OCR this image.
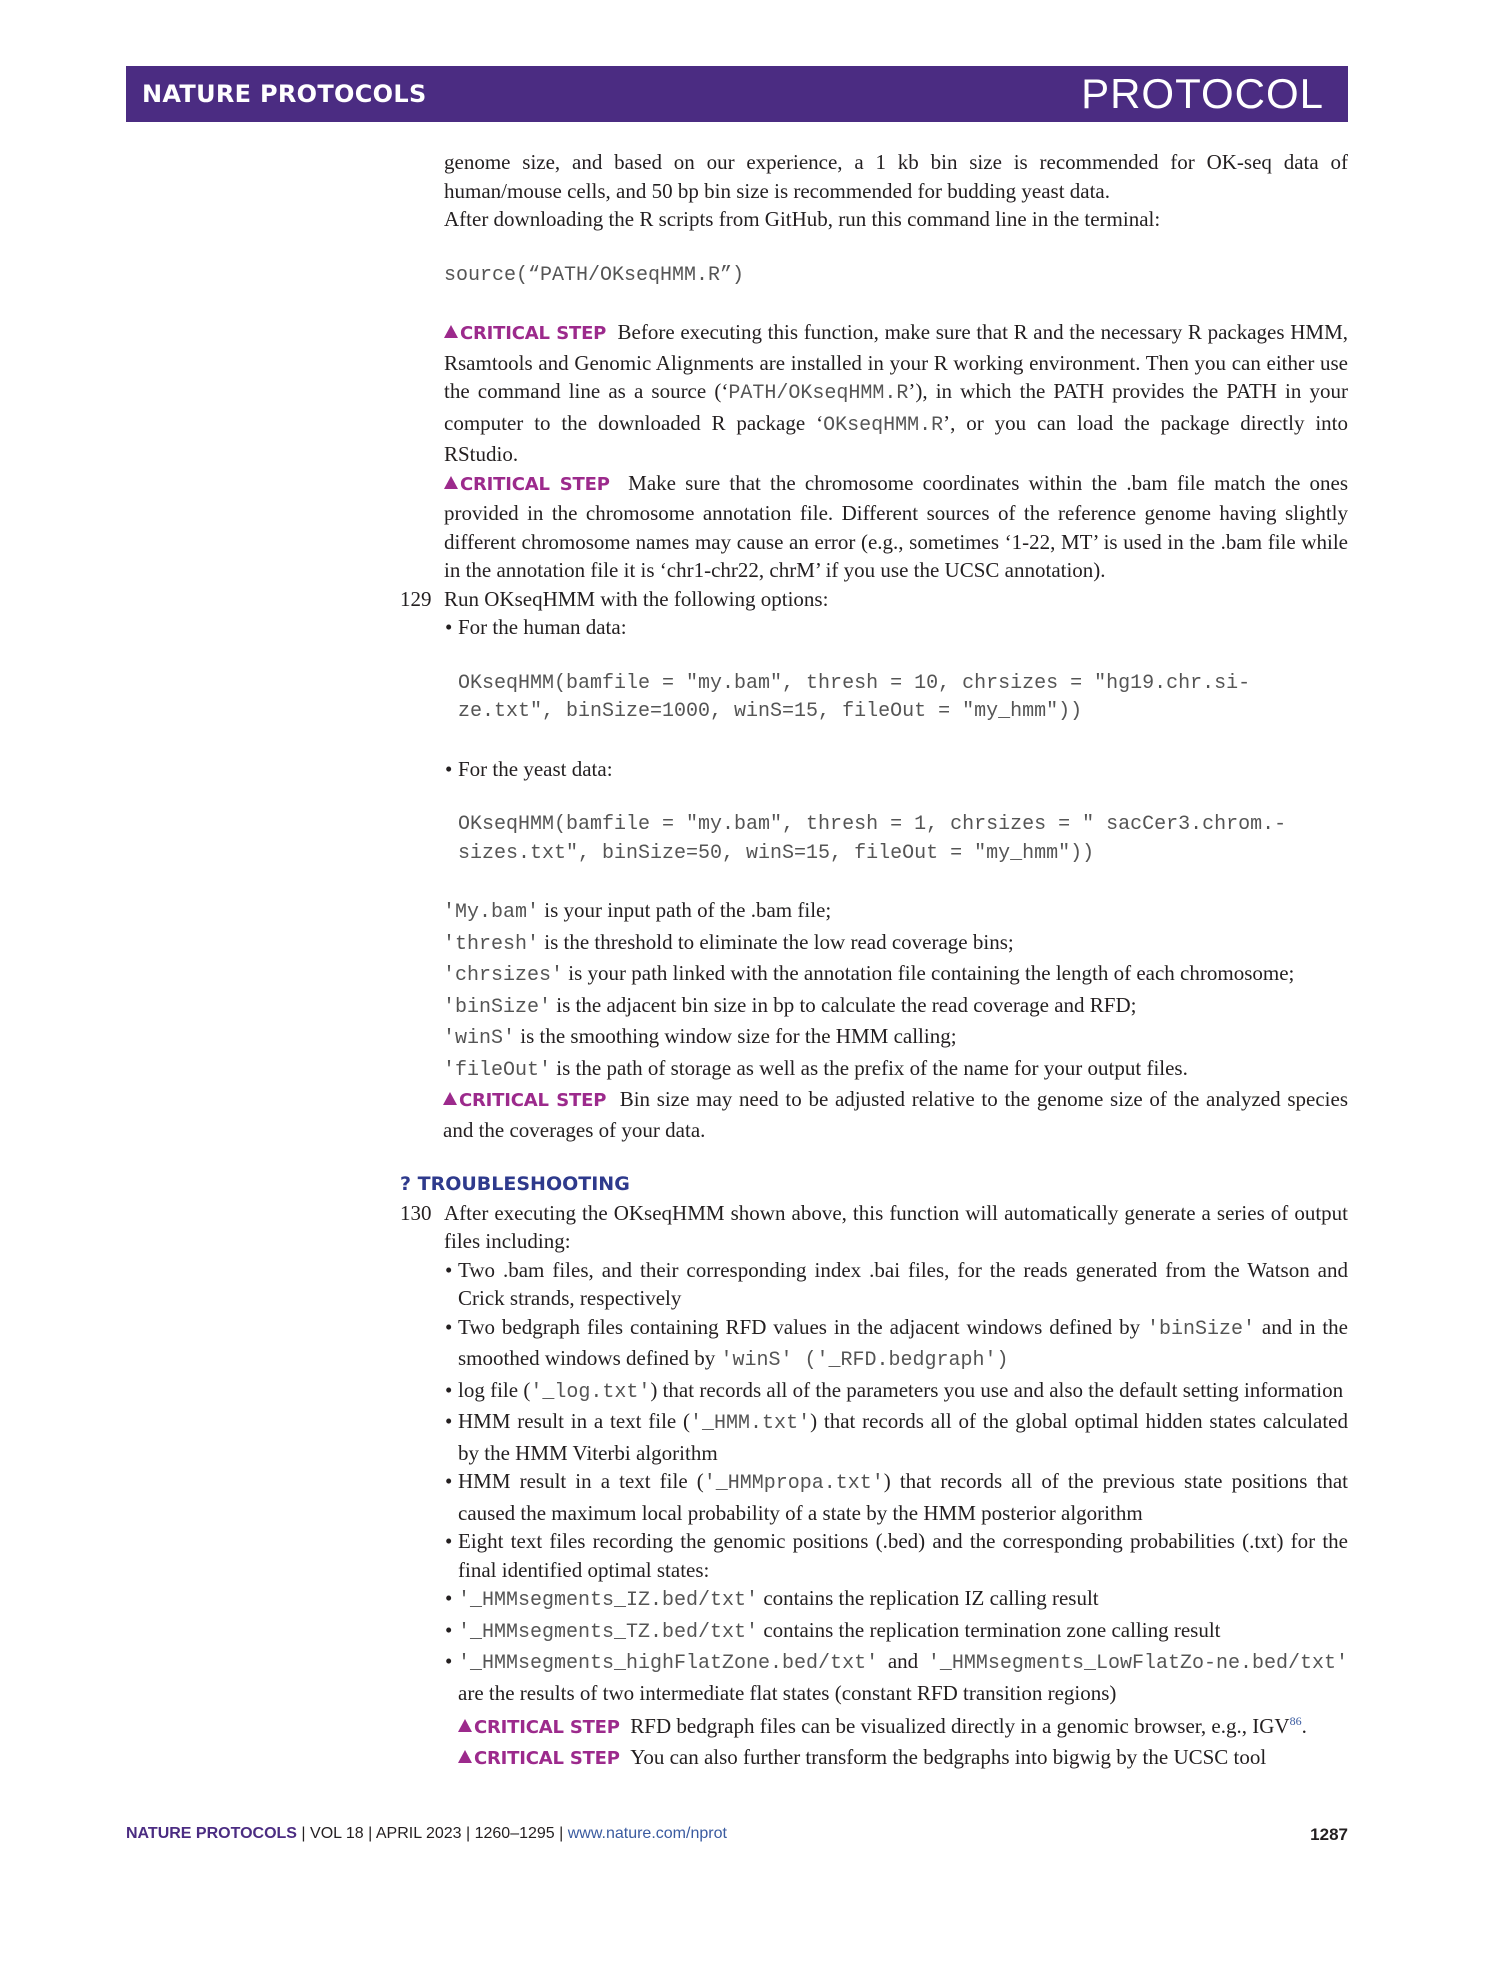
NATURE PROTOCOLS	PROTOCOL

genome size, and based on our experience, a 1 kb bin size is recommended for OK-seq data of human/mouse cells, and 50 bp bin size is recommended for budding yeast data.

After downloading the R scripts from GitHub, run this command line in the terminal:

source(“PATH/OKseqHMM.R”)

CRITICAL STEP Before executing this function, make sure that R and the necessary R packages HMM, Rsamtools and Genomic Alignments are installed in your R working environment. Then you can either use the command line as a source (‘PATH/OKseqHMM.R’), in which the PATH provides the PATH in your computer to the downloaded R package ‘OKseqHMM.R’, or you can load the package directly into RStudio.

CRITICAL STEP Make sure that the chromosome coordinates within the .bam file match the ones provided in the chromosome annotation file. Different sources of the reference genome having slightly different chromosome names may cause an error (e.g., sometimes ‘1-22, MT’ is used in the .bam file while in the annotation file it is ‘chr1-chr22, chrM’ if you use the UCSC annotation).

129 Run OKseqHMM with the following options:

• For the human data:

OKseqHMM(bamfile = "my.bam", thresh = 10, chrsizes = "hg19.chr.si-

ze.txt", binSize=1000, winS=15, fileOut = "my_hmm"))

• For the yeast data:

OKseqHMM(bamfile = "my.bam", thresh = 1, chrsizes = " sacCer3.chrom.-

sizes.txt", binSize=50, winS=15, fileOut = "my_hmm"))

'My.bam' is your input path of the .bam file;

'thresh' is the threshold to eliminate the low read coverage bins;

'chrsizes' is your path linked with the annotation file containing the length of each chromosome;

'binSize' is the adjacent bin size in bp to calculate the read coverage and RFD;

'winS' is the smoothing window size for the HMM calling;

'fileOut' is the path of storage as well as the prefix of the name for your output files.

CRITICAL STEP Bin size may need to be adjusted relative to the genome size of the analyzed species and the coverages of your data.

? TROUBLESHOOTING

130 After executing the OKseqHMM shown above, this function will automatically generate a series of output files including:

• Two .bam files, and their corresponding index .bai files, for the reads generated from the Watson and Crick strands, respectively

• Two bedgraph files containing RFD values in the adjacent windows defined by 'binSize' and in the smoothed windows defined by 'winS' ('_RFD.bedgraph')

• log file ('_log.txt') that records all of the parameters you use and also the default setting information

• HMM result in a text file ('_HMM.txt') that records all of the global optimal hidden states calculated by the HMM Viterbi algorithm

• HMM result in a text file ('_HMMpropa.txt') that records all of the previous state positions that caused the maximum local probability of a state by the HMM posterior algorithm

• Eight text files recording the genomic positions (.bed) and the corresponding probabilities (.txt) for the final identified optimal states:

• '_HMMsegments_IZ.bed/txt' contains the replication IZ calling result

• '_HMMsegments_TZ.bed/txt' contains the replication termination zone calling result

• '_HMMsegments_highFlatZone.bed/txt' and '_HMMsegments_LowFlatZo-ne.bed/txt' are the results of two intermediate flat states (constant RFD transition regions)

CRITICAL STEP RFD bedgraph files can be visualized directly in a genomic browser, e.g., IGV$^{86}$.

CRITICAL STEP You can also further transform the bedgraphs into bigwig by the UCSC tool

NATURE PROTOCOLS | VOL 18 | APRIL 2023 | 1260–1295 | www.nature.com/nprot	1287
